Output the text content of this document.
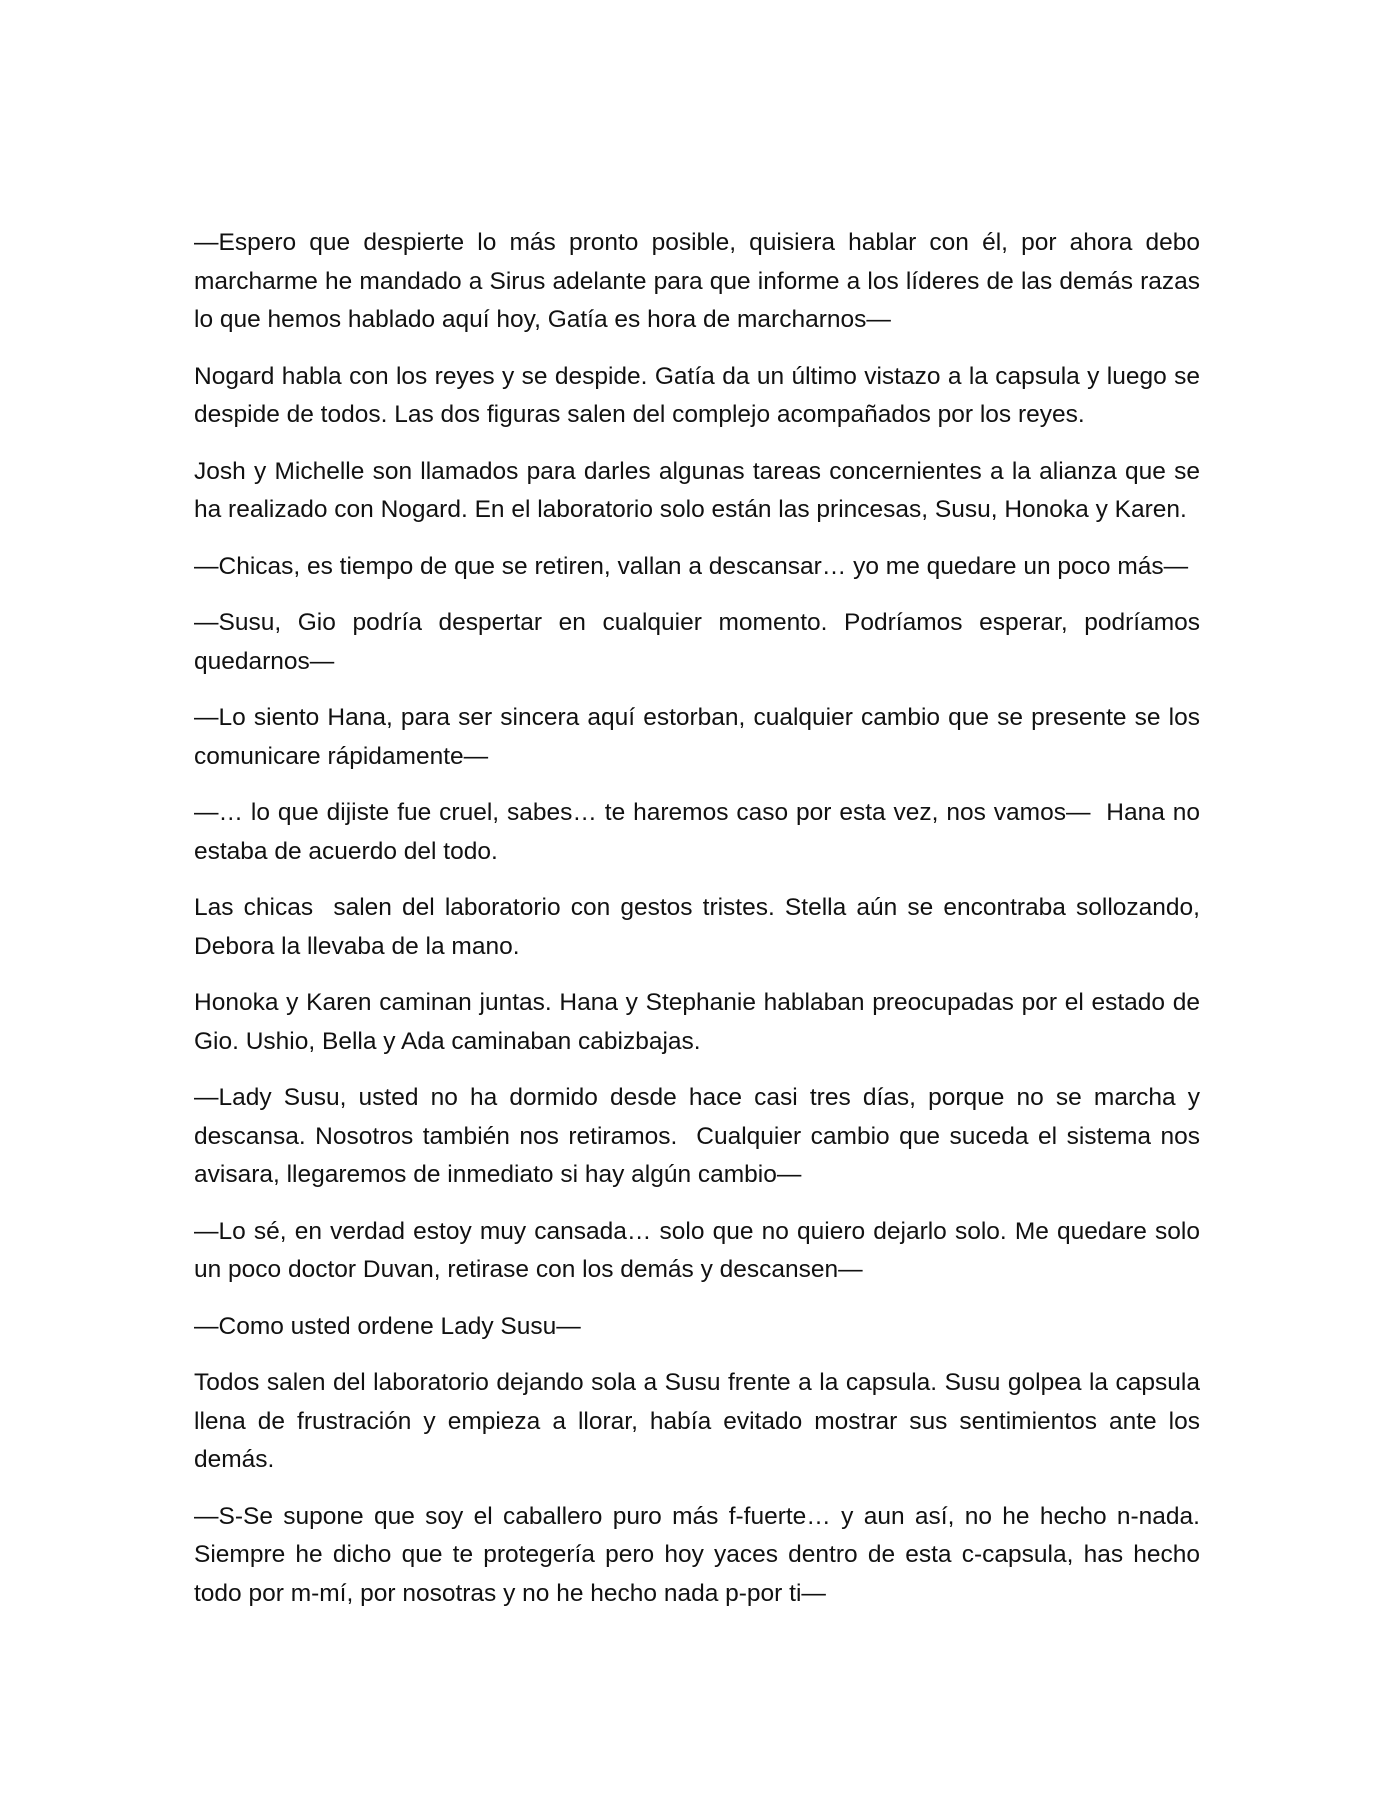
—Espero que despierte lo más pronto posible, quisiera hablar con él, por ahora debo marcharme he mandado a Sirus adelante para que informe a los líderes de las demás razas lo que hemos hablado aquí hoy, Gatía es hora de marcharnos—

Nogard habla con los reyes y se despide. Gatía da un último vistazo a la capsula y luego se despide de todos. Las dos figuras salen del complejo acompañados por los reyes.

Josh y Michelle son llamados para darles algunas tareas concernientes a la alianza que se ha realizado con Nogard. En el laboratorio solo están las princesas, Susu, Honoka y Karen.

—Chicas, es tiempo de que se retiren, vallan a descansar… yo me quedare un poco más—

—Susu, Gio podría despertar en cualquier momento. Podríamos esperar, podríamos quedarnos—

—Lo siento Hana, para ser sincera aquí estorban, cualquier cambio que se presente se los comunicare rápidamente—

—… lo que dijiste fue cruel, sabes… te haremos caso por esta vez, nos vamos—  Hana no estaba de acuerdo del todo.

Las chicas  salen del laboratorio con gestos tristes. Stella aún se encontraba sollozando, Debora la llevaba de la mano.

Honoka y Karen caminan juntas. Hana y Stephanie hablaban preocupadas por el estado de Gio. Ushio, Bella y Ada caminaban cabizbajas.

—Lady Susu, usted no ha dormido desde hace casi tres días, porque no se marcha y descansa. Nosotros también nos retiramos.  Cualquier cambio que suceda el sistema nos avisara, llegaremos de inmediato si hay algún cambio—

—Lo sé, en verdad estoy muy cansada… solo que no quiero dejarlo solo. Me quedare solo un poco doctor Duvan, retirase con los demás y descansen—

—Como usted ordene Lady Susu—

Todos salen del laboratorio dejando sola a Susu frente a la capsula. Susu golpea la capsula llena de frustración y empieza a llorar, había evitado mostrar sus sentimientos ante los demás.

—S-Se supone que soy el caballero puro más f-fuerte… y aun así, no he hecho n-nada. Siempre he dicho que te protegería pero hoy yaces dentro de esta c-capsula, has hecho todo por m-mí, por nosotras y no he hecho nada p-por ti—
